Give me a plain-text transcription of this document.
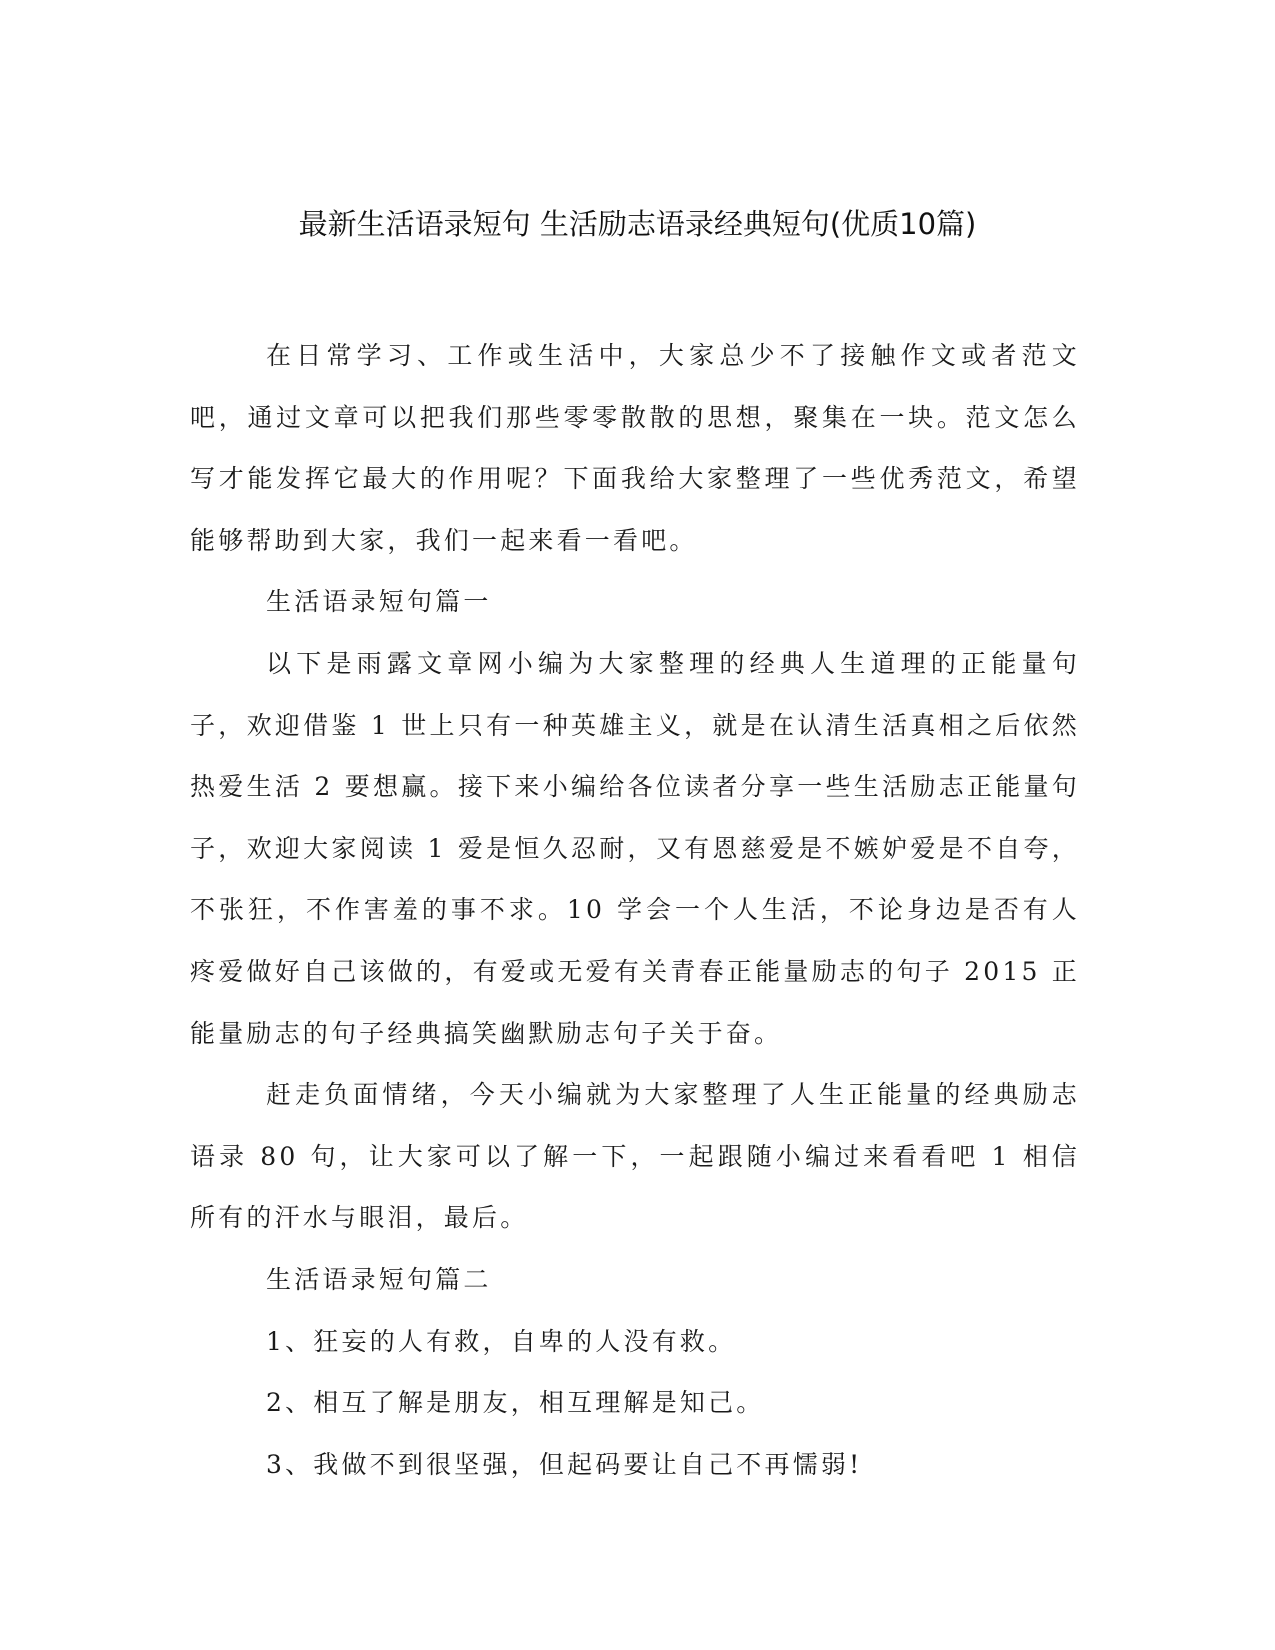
最新生活语录短句 生活励志语录经典短句(优质10篇)

在日常学习、工作或生活中，大家总少不了接触作文或者范文吧，通过文章可以把我们那些零零散散的思想，聚集在一块。范文怎么写才能发挥它最大的作用呢？下面我给大家整理了一些优秀范文，希望能够帮助到大家，我们一起来看一看吧。

生活语录短句篇一

以下是雨露文章网小编为大家整理的经典人生道理的正能量句子，欢迎借鉴 1 世上只有一种英雄主义，就是在认清生活真相之后依然热爱生活 2 要想赢。接下来小编给各位读者分享一些生活励志正能量句子，欢迎大家阅读 1 爱是恒久忍耐，又有恩慈爱是不嫉妒爱是不自夸，不张狂，不作害羞的事不求。10 学会一个人生活，不论身边是否有人疼爱做好自己该做的，有爱或无爱有关青春正能量励志的句子 2015 正能量励志的句子经典搞笑幽默励志句子关于奋。

赶走负面情绪，今天小编就为大家整理了人生正能量的经典励志语录 80 句，让大家可以了解一下，一起跟随小编过来看看吧 1 相信所有的汗水与眼泪，最后。

生活语录短句篇二

1、狂妄的人有救，自卑的人没有救。

2、相互了解是朋友，相互理解是知己。

3、我做不到很坚强，但起码要让自己不再懦弱!
